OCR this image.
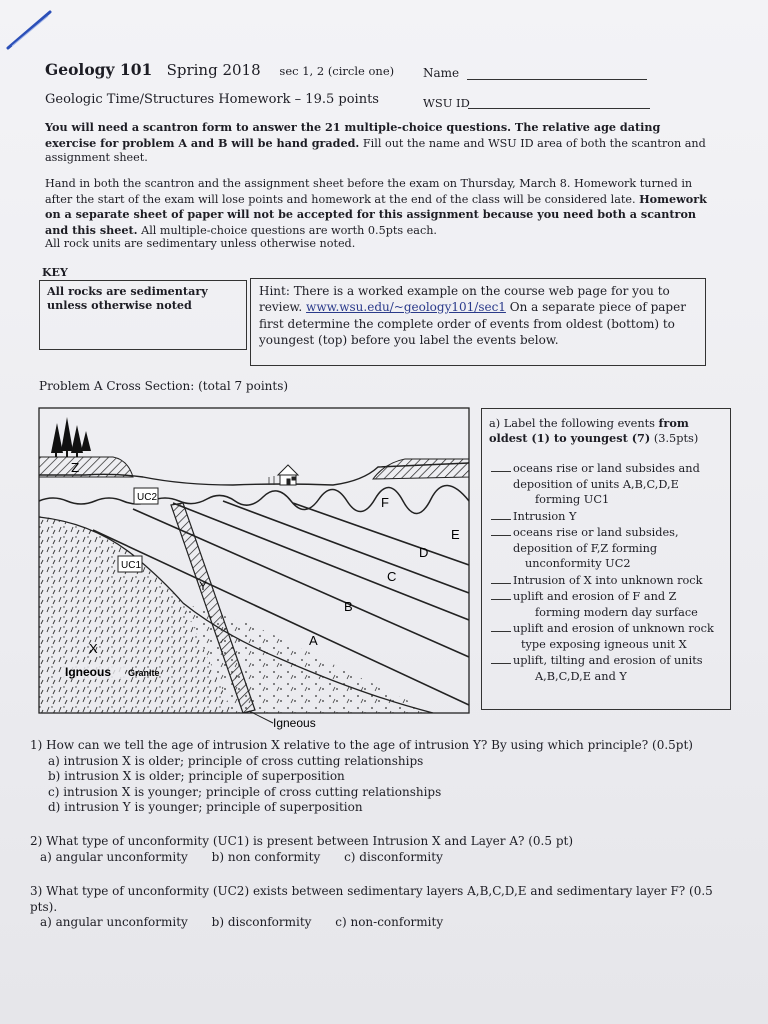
Geology 101 Spring 2018 sec 1, 2 (circle one) Name
Geologic Time/Structures Homework – 19.5 points	WSU ID
You will need a scantron form to answer the 21 multiple-choice questions. The relative age dating exercise for problem A and B will be hand graded. Fill out the name and WSU ID area of both the scantron and assignment sheet.
Hand in both the scantron and the assignment sheet before the exam on Thursday, March 8. Homework turned in after the start of the exam will lose points and homework at the end of the class will be considered late. Homework on a separate sheet of paper will not be accepted for this assignment because you need both a scantron and this sheet. All multiple-choice questions are worth 0.5pts each.
All rock units are sedimentary unless otherwise noted.
KEY
All rocks are sedimentary unless otherwise noted
Hint: There is a worked example on the course web page for you to review. www.wsu.edu/~geology101/sec1 On a separate piece of paper first determine the complete order of events from oldest (bottom) to youngest (top) before you label the events below.
Problem A Cross Section: (total 7 points)
Z
UC2
UC1
F
E
D
C
B
A
Y
X
Igneous Granite
Igneous
a) Label the following events from oldest (1) to youngest (7) (3.5pts)
oceans rise or land subsides and
deposition of units A,B,C,D,E
forming UC1
Intrusion Y
oceans rise or land subsides,
deposition of F,Z forming
unconformity UC2
Intrusion of X into unknown rock
uplift and erosion of F and Z
forming modern day surface
uplift and erosion of unknown rock
type exposing igneous unit X
uplift, tilting and erosion of units
A,B,C,D,E and Y
1) How can we tell the age of intrusion X relative to the age of intrusion Y? By using which principle? (0.5pt)
a) intrusion X is older; principle of cross cutting relationships
b) intrusion X is older; principle of superposition
c) intrusion X is younger; principle of cross cutting relationships
d) intrusion Y is younger; principle of superposition
2) What type of unconformity (UC1) is present between Intrusion X and Layer A? (0.5 pt)
a) angular unconformity b) non conformity c) disconformity
3) What type of unconformity (UC2) exists between sedimentary layers A,B,C,D,E and sedimentary layer F? (0.5 pts).
a) angular unconformity b) disconformity c) non-conformity
